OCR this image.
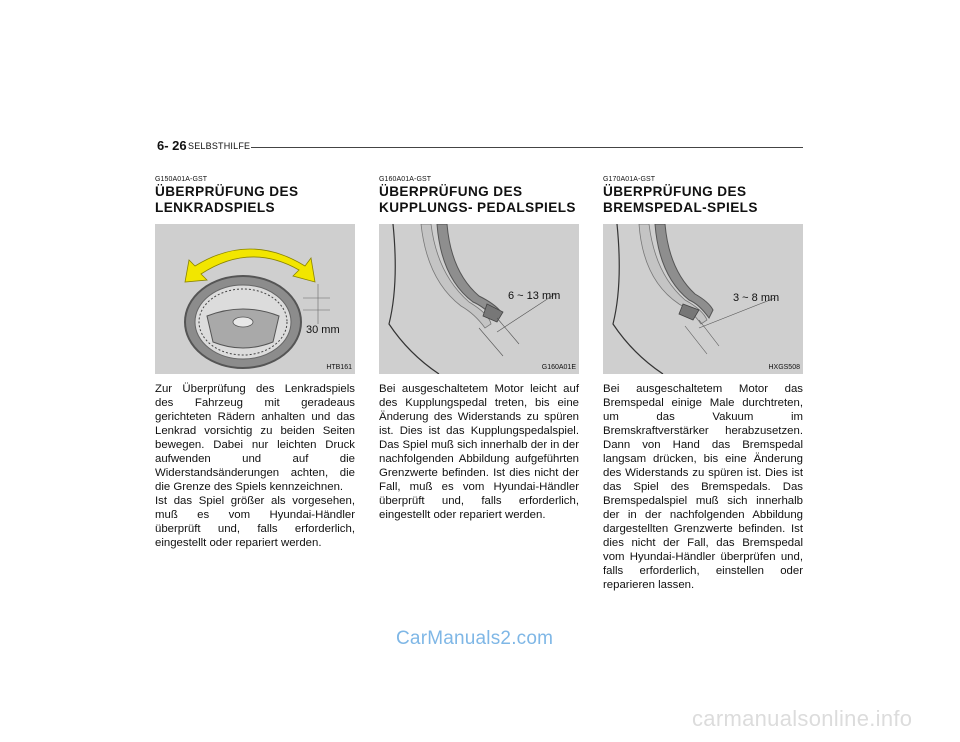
6- 26 SELBSTHILFE
G150A01A-GST
ÜBERPRÜFUNG DES
LENKRADSPIELS
30 mm
HTB161
Zur Überprüfung des Lenkradspiels des Fahrzeug mit geradeaus gerichteten Rädern anhalten und das Lenkrad vorsichtig zu beiden Seiten bewegen. Dabei nur leichten Druck aufwenden und auf die Widerstandsänderungen achten, die die Grenze des Spiels kennzeichnen.
Ist das Spiel größer als vorgesehen, muß es vom Hyundai-Händler überprüft und, falls erforderlich, eingestellt oder repariert werden.
G160A01A-GST
ÜBERPRÜFUNG DES
KUPPLUNGS- PEDALSPIELS
6 ~ 13 mm
G160A01E
Bei ausgeschaltetem Motor leicht auf des Kupplungspedal treten, bis eine Änderung des Widerstands zu spüren ist. Dies ist das Kupplungspedalspiel. Das Spiel muß sich innerhalb der in der nachfolgenden Abbildung aufgeführten Grenzwerte befinden. Ist dies nicht der Fall, muß es vom Hyundai-Händler überprüft und, falls erforderlich, eingestellt oder repariert werden.
G170A01A-GST
ÜBERPRÜFUNG DES
BREMSPEDAL-SPIELS
3 ~ 8 mm
HXGS508
Bei ausgeschaltetem Motor das Bremspedal einige Male durchtreten, um das Vakuum im Bremskraftverstärker herabzusetzen. Dann von Hand das Bremspedal langsam drücken, bis eine Änderung des Widerstands zu spüren ist. Dies ist das Spiel des Bremspedals. Das Bremspedalspiel muß sich innerhalb der in der nachfolgenden Abbildung dargestellten Grenzwerte befinden. Ist dies nicht der Fall, das Bremspedal vom Hyundai-Händler überprüfen und, falls erforderlich, einstellen oder reparieren lassen.
CarManuals2.com
carmanualsonline.info
